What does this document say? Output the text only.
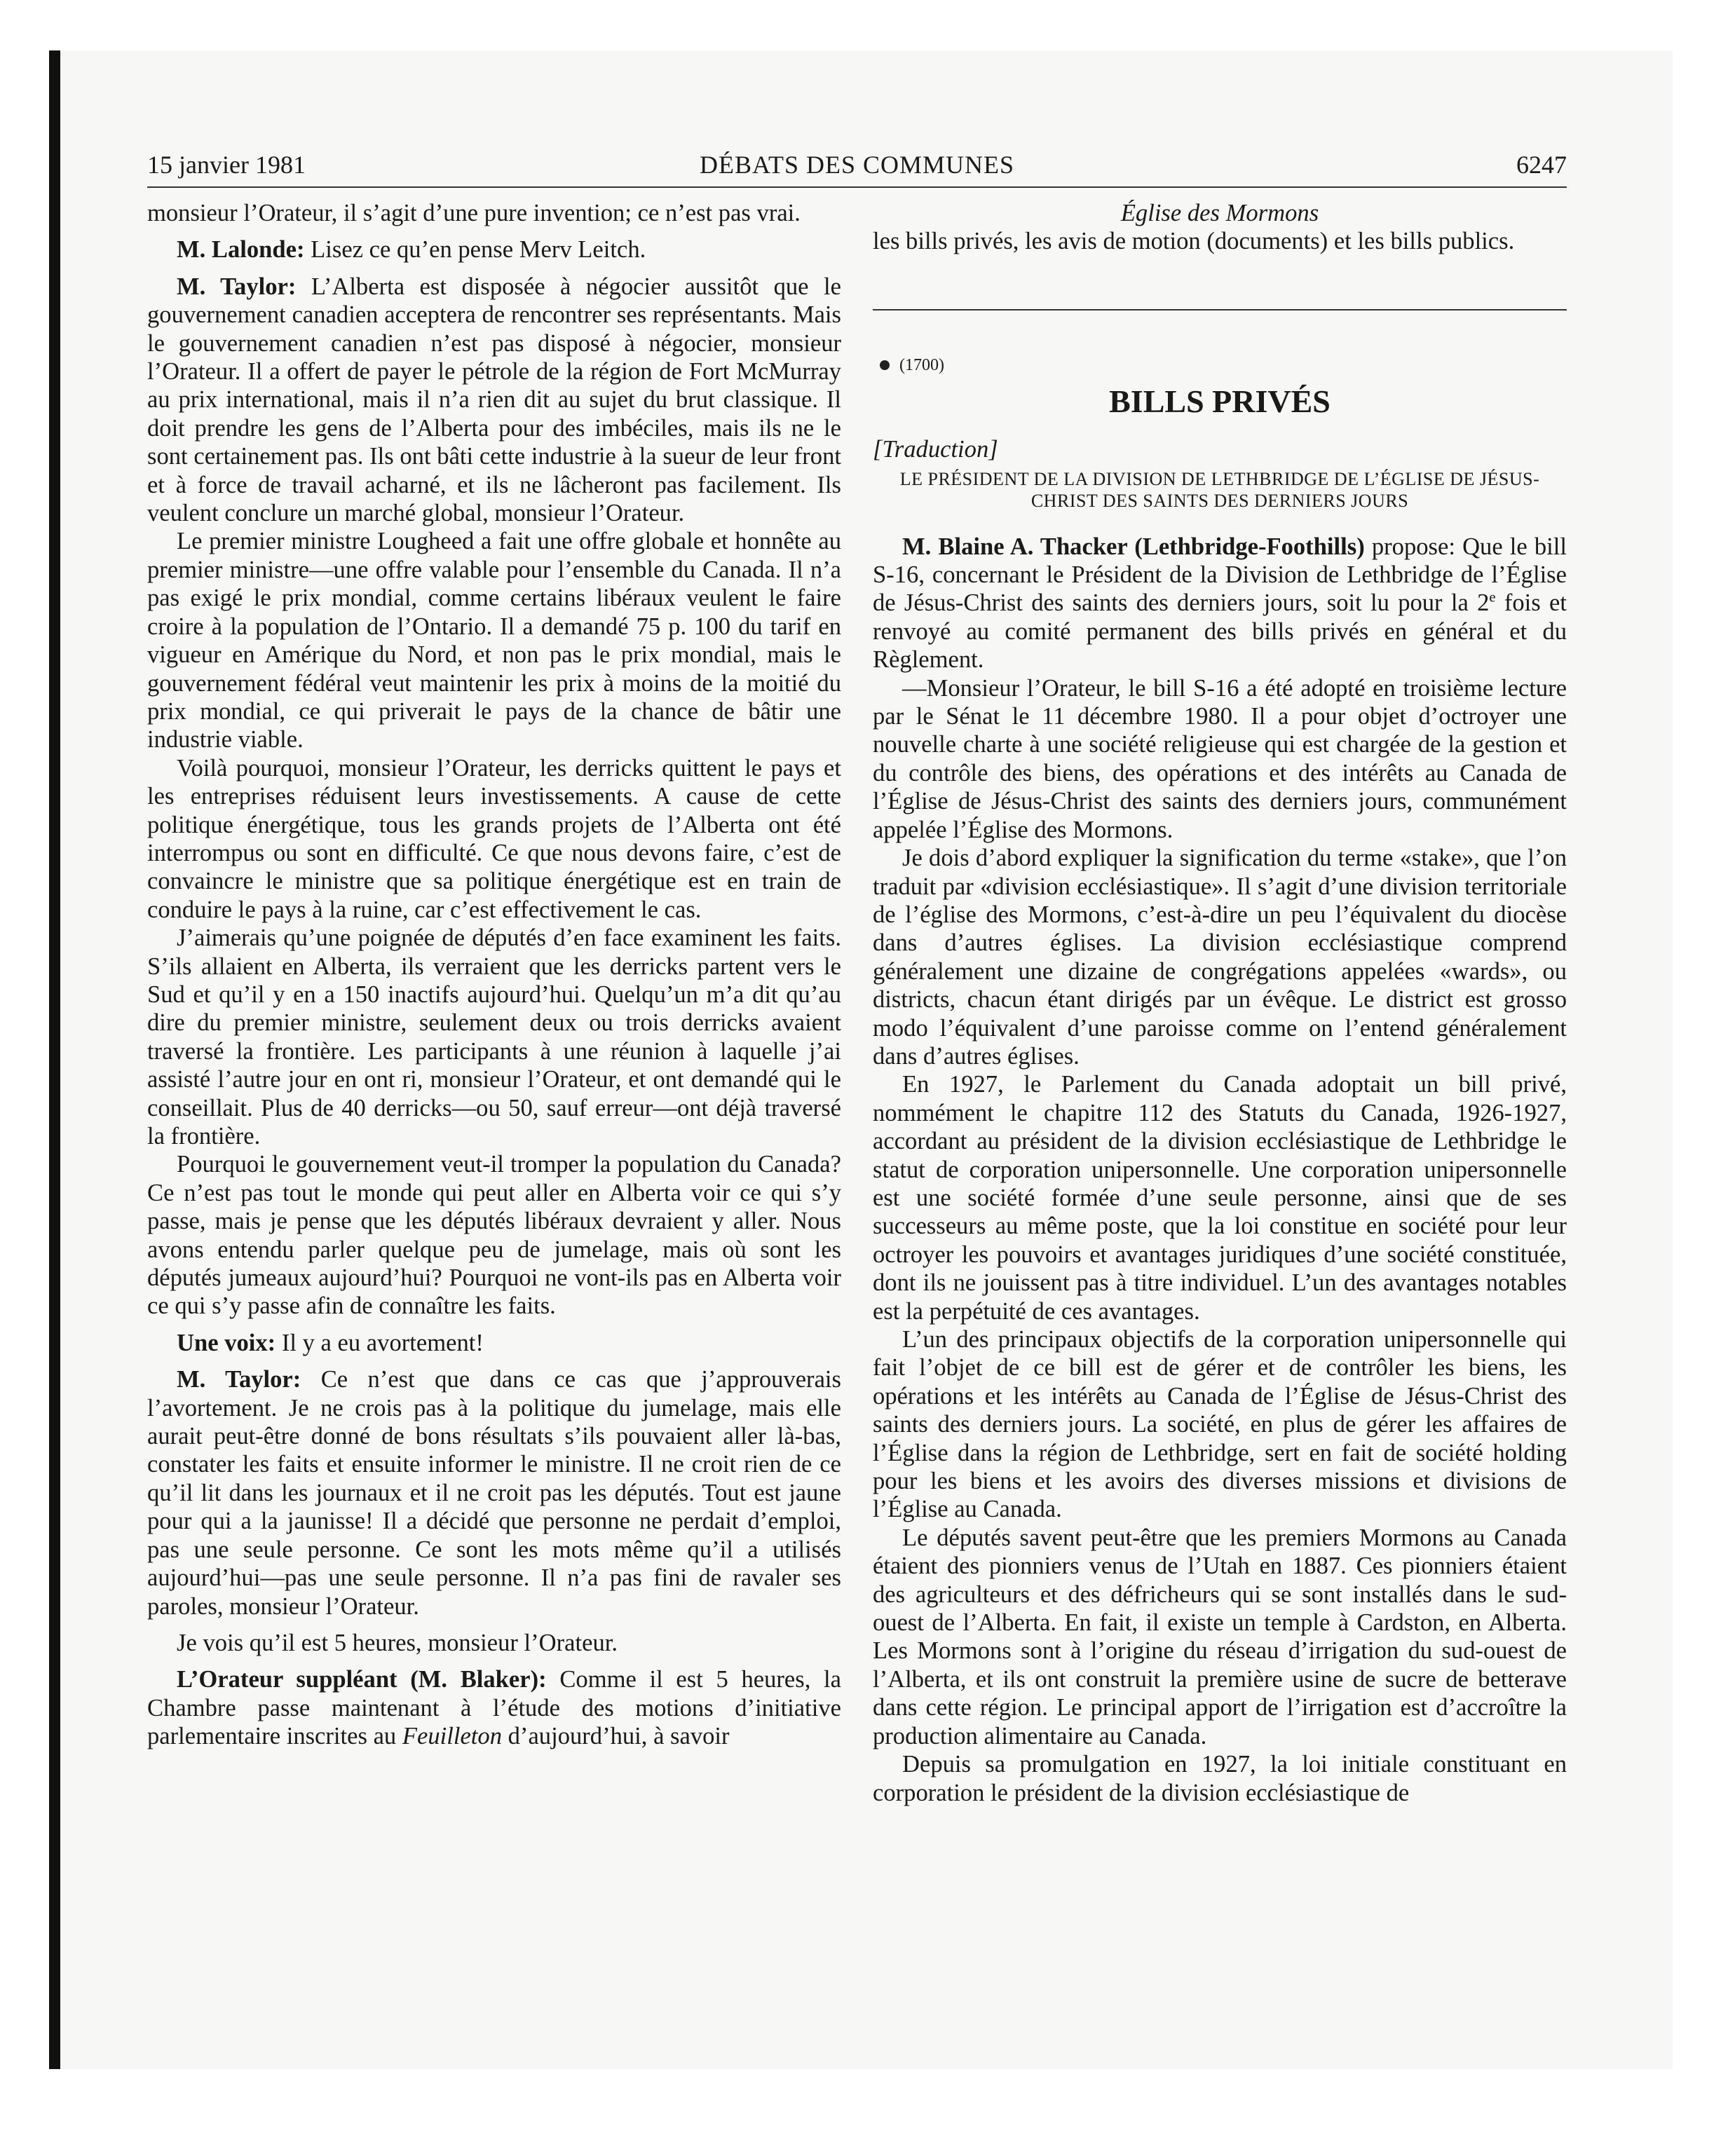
15 janvier 1981	DÉBATS DES COMMUNES	6247

monsieur l’Orateur, il s’agit d’une pure invention; ce n’est pas vrai.

M. Lalonde: Lisez ce qu’en pense Merv Leitch.

M. Taylor: L’Alberta est disposée à négocier aussitôt que le gouvernement canadien acceptera de rencontrer ses représentants. Mais le gouvernement canadien n’est pas disposé à négocier, monsieur l’Orateur. Il a offert de payer le pétrole de la région de Fort McMurray au prix international, mais il n’a rien dit au sujet du brut classique. Il doit prendre les gens de l’Alberta pour des imbéciles, mais ils ne le sont certainement pas. Ils ont bâti cette industrie à la sueur de leur front et à force de travail acharné, et ils ne lâcheront pas facilement. Ils veulent conclure un marché global, monsieur l’Orateur.

Le premier ministre Lougheed a fait une offre globale et honnête au premier ministre—une offre valable pour l’ensemble du Canada. Il n’a pas exigé le prix mondial, comme certains libéraux veulent le faire croire à la population de l’Ontario. Il a demandé 75 p. 100 du tarif en vigueur en Amérique du Nord, et non pas le prix mondial, mais le gouvernement fédéral veut maintenir les prix à moins de la moitié du prix mondial, ce qui priverait le pays de la chance de bâtir une industrie viable.

Voilà pourquoi, monsieur l’Orateur, les derricks quittent le pays et les entreprises réduisent leurs investissements. A cause de cette politique énergétique, tous les grands projets de l’Alberta ont été interrompus ou sont en difficulté. Ce que nous devons faire, c’est de convaincre le ministre que sa politique énergétique est en train de conduire le pays à la ruine, car c’est effectivement le cas.

J’aimerais qu’une poignée de députés d’en face examinent les faits. S’ils allaient en Alberta, ils verraient que les derricks partent vers le Sud et qu’il y en a 150 inactifs aujourd’hui. Quelqu’un m’a dit qu’au dire du premier ministre, seulement deux ou trois derricks avaient traversé la frontière. Les participants à une réunion à laquelle j’ai assisté l’autre jour en ont ri, monsieur l’Orateur, et ont demandé qui le conseillait. Plus de 40 derricks—ou 50, sauf erreur—ont déjà traversé la frontière.

Pourquoi le gouvernement veut-il tromper la population du Canada? Ce n’est pas tout le monde qui peut aller en Alberta voir ce qui s’y passe, mais je pense que les députés libéraux devraient y aller. Nous avons entendu parler quelque peu de jumelage, mais où sont les députés jumeaux aujourd’hui? Pourquoi ne vont-ils pas en Alberta voir ce qui s’y passe afin de connaître les faits.

Une voix: Il y a eu avortement!

M. Taylor: Ce n’est que dans ce cas que j’approuverais l’avortement. Je ne crois pas à la politique du jumelage, mais elle aurait peut-être donné de bons résultats s’ils pouvaient aller là-bas, constater les faits et ensuite informer le ministre. Il ne croit rien de ce qu’il lit dans les journaux et il ne croit pas les députés. Tout est jaune pour qui a la jaunisse! Il a décidé que personne ne perdait d’emploi, pas une seule personne. Ce sont les mots même qu’il a utilisés aujourd’hui—pas une seule personne. Il n’a pas fini de ravaler ses paroles, monsieur l’Orateur.

Je vois qu’il est 5 heures, monsieur l’Orateur.

L’Orateur suppléant (M. Blaker): Comme il est 5 heures, la Chambre passe maintenant à l’étude des motions d’initiative parlementaire inscrites au Feuilleton d’aujourd’hui, à savoir

Église des Mormons

les bills privés, les avis de motion (documents) et les bills publics.

(1700)
BILLS PRIVÉS

[Traduction]

LE PRÉSIDENT DE LA DIVISION DE LETHBRIDGE DE L’ÉGLISE DE JÉSUS-CHRIST DES SAINTS DES DERNIERS JOURS

M. Blaine A. Thacker (Lethbridge-Foothills) propose: Que le bill S-16, concernant le Président de la Division de Lethbridge de l’Église de Jésus-Christ des saints des derniers jours, soit lu pour la 2e fois et renvoyé au comité permanent des bills privés en général et du Règlement.

—Monsieur l’Orateur, le bill S-16 a été adopté en troisième lecture par le Sénat le 11 décembre 1980. Il a pour objet d’octroyer une nouvelle charte à une société religieuse qui est chargée de la gestion et du contrôle des biens, des opérations et des intérêts au Canada de l’Église de Jésus-Christ des saints des derniers jours, communément appelée l’Église des Mormons.

Je dois d’abord expliquer la signification du terme «stake», que l’on traduit par «division ecclésiastique». Il s’agit d’une division territoriale de l’église des Mormons, c’est-à-dire un peu l’équivalent du diocèse dans d’autres églises. La division ecclésiastique comprend généralement une dizaine de congrégations appelées «wards», ou districts, chacun étant dirigés par un évêque. Le district est grosso modo l’équivalent d’une paroisse comme on l’entend généralement dans d’autres églises.

En 1927, le Parlement du Canada adoptait un bill privé, nommément le chapitre 112 des Statuts du Canada, 1926-1927, accordant au président de la division ecclésiastique de Lethbridge le statut de corporation unipersonnelle. Une corporation unipersonnelle est une société formée d’une seule personne, ainsi que de ses successeurs au même poste, que la loi constitue en société pour leur octroyer les pouvoirs et avantages juridiques d’une société constituée, dont ils ne jouissent pas à titre individuel. L’un des avantages notables est la perpétuité de ces avantages.

L’un des principaux objectifs de la corporation unipersonnelle qui fait l’objet de ce bill est de gérer et de contrôler les biens, les opérations et les intérêts au Canada de l’Église de Jésus-Christ des saints des derniers jours. La société, en plus de gérer les affaires de l’Église dans la région de Lethbridge, sert en fait de société holding pour les biens et les avoirs des diverses missions et divisions de l’Église au Canada.

Le députés savent peut-être que les premiers Mormons au Canada étaient des pionniers venus de l’Utah en 1887. Ces pionniers étaient des agriculteurs et des défricheurs qui se sont installés dans le sud-ouest de l’Alberta. En fait, il existe un temple à Cardston, en Alberta. Les Mormons sont à l’origine du réseau d’irrigation du sud-ouest de l’Alberta, et ils ont construit la première usine de sucre de betterave dans cette région. Le principal apport de l’irrigation est d’accroître la production alimentaire au Canada.

Depuis sa promulgation en 1927, la loi initiale constituant en corporation le président de la division ecclésiastique de
